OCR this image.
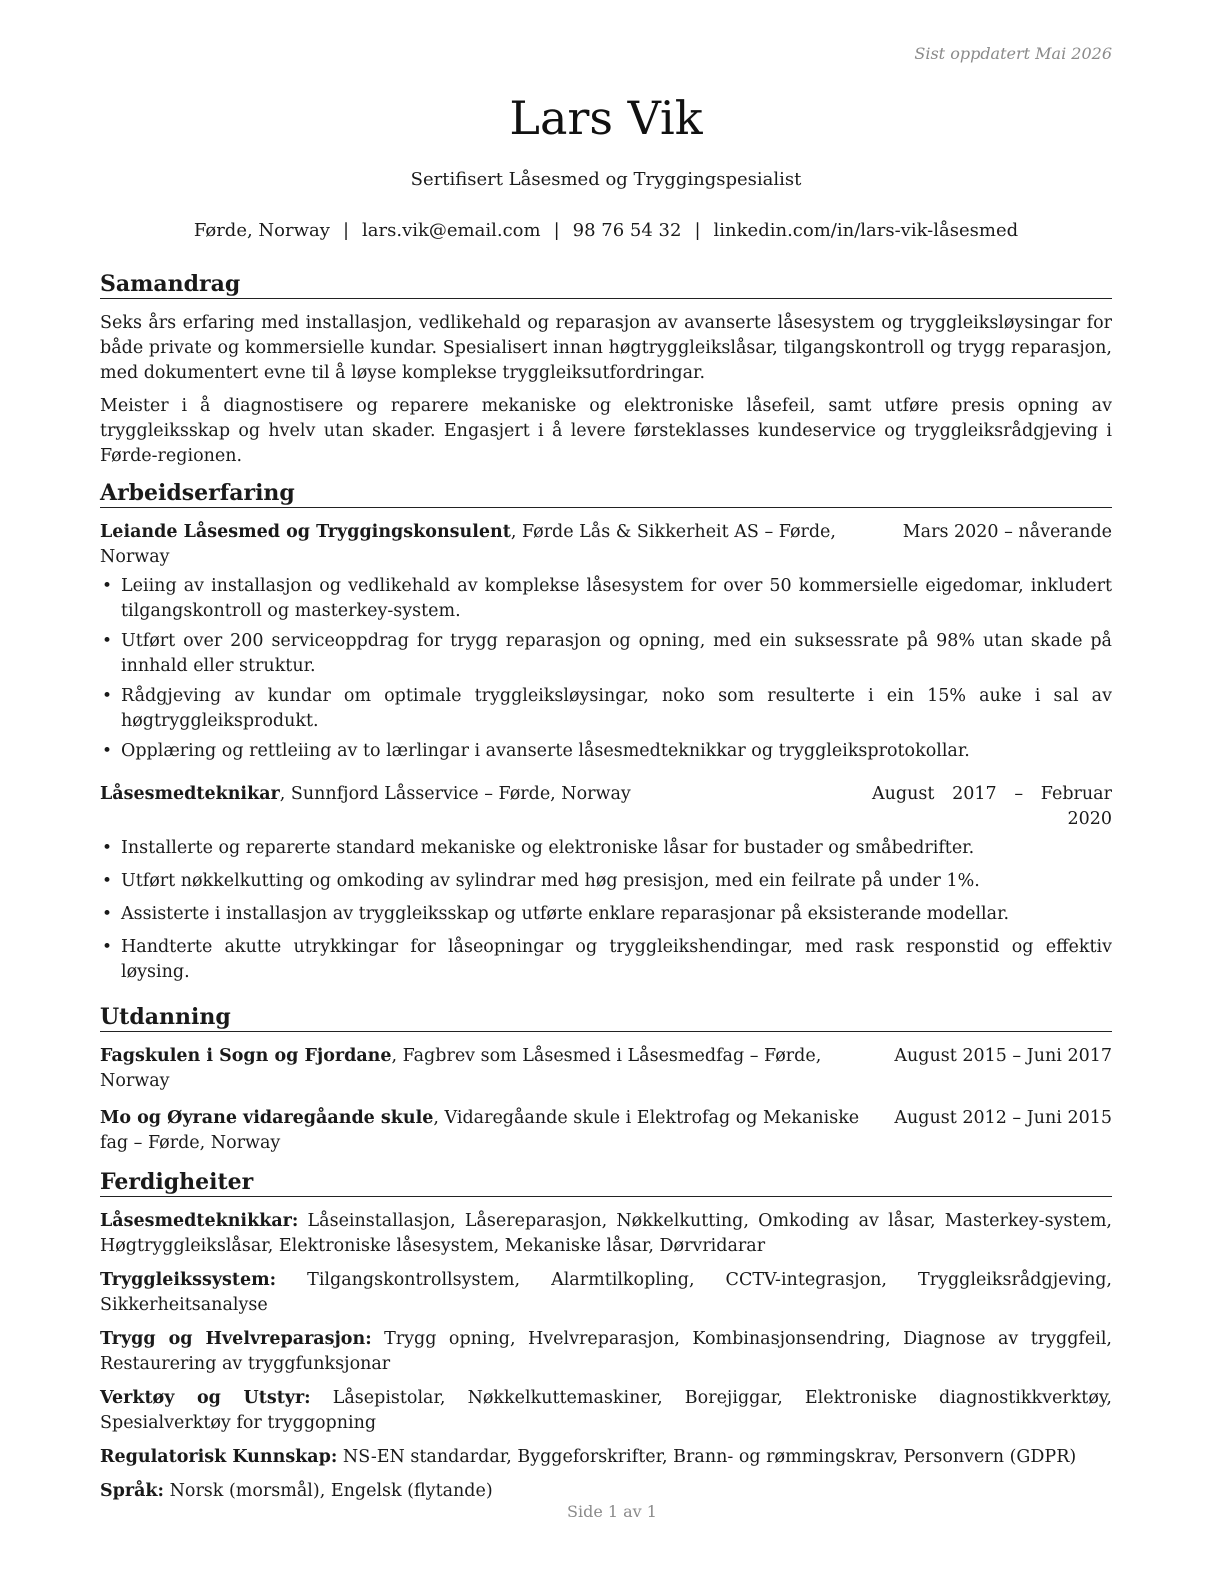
Sist oppdatert Mai 2026
Lars Vik
Sertifisert Låsesmed og Tryggingspesialist
Førde, Norway | lars.vik@email.com | 98 76 54 32 | linkedin.com/in/lars-vik-låsesmed
Samandrag

Seks års erfaring med installasjon, vedlikehald og reparasjon av avanserte låsesystem og tryggleiksløysingar for både private og kommersielle kundar. Spesialisert innan høgtryggleikslåsar, tilgangskontroll og trygg reparasjon, med dokumentert evne til å løyse komplekse tryggleiksutfordringar.

Meister i å diagnostisere og reparere mekaniske og elektroniske låsefeil, samt utføre presis opning av tryggleiksskap og hvelv utan skader. Engasjert i å levere førsteklasses kundeservice og tryggleiksrådgjeving i Førde-regionen.

Arbeidserfaring
Leiande Låsesmed og Tryggingskonsulent, Førde Lås & Sikkerheit AS – Førde, Norway
Mars 2020 – nåverande
• Leiing av installasjon og vedlikehald av komplekse låsesystem for over 50 kommersielle eigedomar, inkludert tilgangskontroll og masterkey-system.
• Utført over 200 serviceoppdrag for trygg reparasjon og opning, med ein suksessrate på 98% utan skade på innhald eller struktur.
• Rådgjeving av kundar om optimale tryggleiksløysingar, noko som resulterte i ein 15% auke i sal av høgtryggleiksprodukt.
• Opplæring og rettleiing av to lærlingar i avanserte låsesmedteknikkar og tryggleiksprotokollar.
Låsesmedteknikar, Sunnfjord Låsservice – Førde, Norway	August 2017 – Februar 2020
• Installerte og reparerte standard mekaniske og elektroniske låsar for bustader og småbedrifter.
• Utført nøkkelkutting og omkoding av sylindrar med høg presisjon, med ein feilrate på under 1%.
• Assisterte i installasjon av tryggleiksskap og utførte enklare reparasjonar på eksisterande modellar.
• Handterte akutte utrykkingar for låseopningar og tryggleikshendingar, med rask responstid og effektiv løysing.
Utdanning
Fagskulen i Sogn og Fjordane, Fagbrev som Låsesmed i Låsesmedfag – Førde, Norway
August 2015 – Juni 2017
Mo og Øyrane vidaregåande skule, Vidaregåande skule i Elektrofag og Mekaniske fag – Førde, Norway
August 2012 – Juni 2015
Ferdigheiter
Låsesmedteknikkar: Låseinstallasjon, Låsereparasjon, Nøkkelkutting, Omkoding av låsar, Masterkey-system, Høgtryggleikslåsar, Elektroniske låsesystem, Mekaniske låsar, Dørvridarar
Tryggleikssystem: Tilgangskontrollsystem, Alarmtilkopling, CCTV-integrasjon, Tryggleiksrådgjeving, Sikkerheitsanalyse
Trygg og Hvelvreparasjon: Trygg opning, Hvelvreparasjon, Kombinasjonsendring, Diagnose av tryggfeil, Restaurering av tryggfunksjonar
Verktøy og Utstyr: Låsepistolar, Nøkkelkuttemaskiner, Borejiggar, Elektroniske diagnostikkverktøy, Spesialverktøy for tryggopning
Regulatorisk Kunnskap: NS-EN standardar, Byggeforskrifter, Brann- og rømmingskrav, Personvern (GDPR)
Språk: Norsk (morsmål), Engelsk (flytande)
Side 1 av 1
